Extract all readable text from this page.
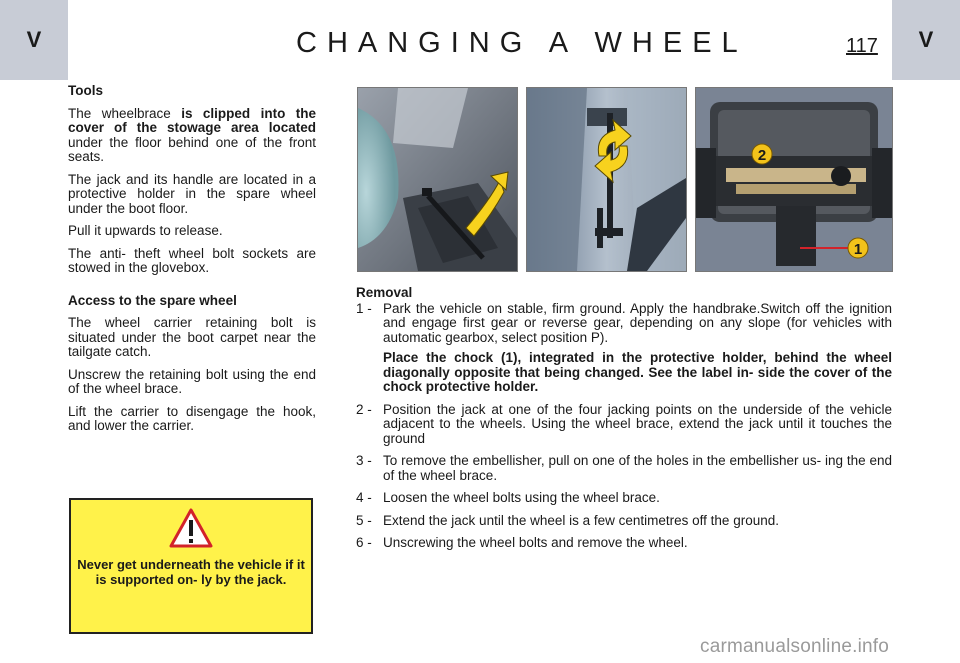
V	CHANGING A WHEEL	117	V

Tools

The wheelbrace is clipped into the cover of the stowage area located under the floor behind one of the front seats.

The jack and its handle are located in a protective holder in the spare wheel under the boot floor.

Pull it upwards to release.

The anti- theft wheel bolt sockets are stowed in the glovebox.

Access to the spare wheel

The wheel carrier retaining bolt is situated under the boot carpet near the tailgate catch.

Unscrew the retaining bolt using the end of the wheel brace.

Lift the carrier to disengage the hook, and lower the carrier.

1
2
Never get underneath the vehicle if it is supported on- ly by the jack.

Removal

1 - Park the vehicle on stable, firm ground. Apply the handbrake.Switch off the ignition and engage first gear or reverse gear, depending on any slope (for vehicles with automatic gearbox, select position P).
Place the chock (1), integrated in the protective holder, behind the wheel diagonally opposite that being changed. See the label in- side the cover of the chock protective holder.
2 - Position the jack at one of the four jacking points on the underside of the vehicle adjacent to the wheels. Using the wheel brace, extend the jack until it touches the ground
3 - To remove the embellisher, pull on one of the holes in the embellisher us- ing the end of the wheel brace.
4 - Loosen the wheel bolts using the wheel brace.
5 - Extend the jack until the wheel is a few centimetres off the ground.
6 - Unscrewing the wheel bolts and remove the wheel.
carmanualsonline.info
